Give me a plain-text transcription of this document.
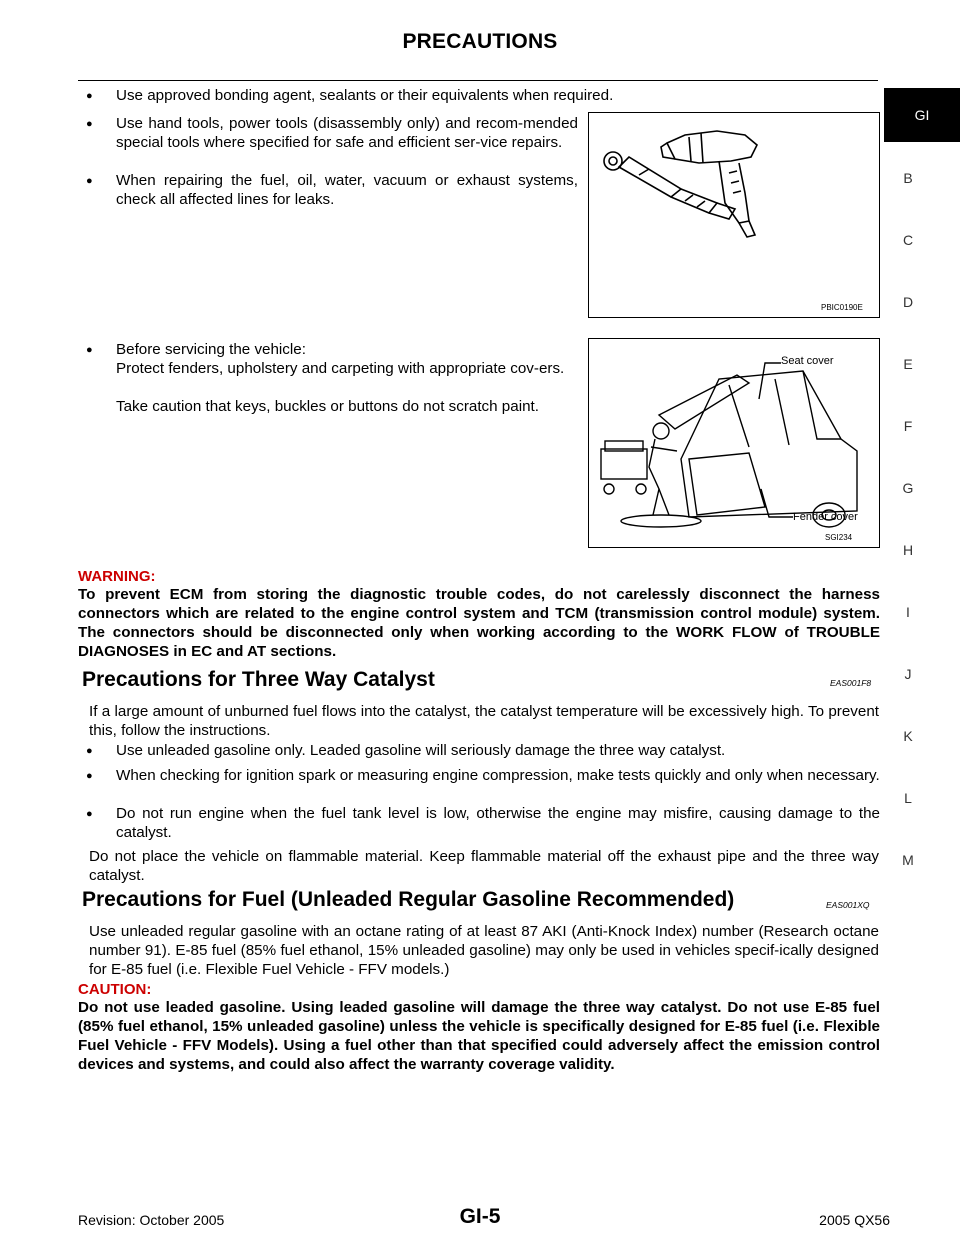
PRECAUTIONS
GI
B
C
D
E
F
G
H
I
J
K
L
M
● Use approved bonding agent, sealants or their equivalents when required.
● Use hand tools, power tools (disassembly only) and recom-mended special tools where specified for safe and efficient ser-vice repairs.
● When repairing the fuel, oil, water, vacuum or exhaust systems, check all affected lines for leaks.
PBIC0190E
● Before servicing the vehicle:
Protect fenders, upholstery and carpeting with appropriate cov-ers.
Take caution that keys, buckles or buttons do not scratch paint.
Seat cover
Fender cover
SGI234
WARNING:
To prevent ECM from storing the diagnostic trouble codes, do not carelessly disconnect the harness connectors which are related to the engine control system and TCM (transmission control module) system. The connectors should be disconnected only when working according to the WORK FLOW of TROUBLE DIAGNOSES in EC and AT sections.
Precautions for Three Way Catalyst	EAS001F8
If a large amount of unburned fuel flows into the catalyst, the catalyst temperature will be excessively high. To prevent this, follow the instructions.
● Use unleaded gasoline only. Leaded gasoline will seriously damage the three way catalyst.
● When checking for ignition spark or measuring engine compression, make tests quickly and only when necessary.
● Do not run engine when the fuel tank level is low, otherwise the engine may misfire, causing damage to the catalyst.
Do not place the vehicle on flammable material. Keep flammable material off the exhaust pipe and the three way catalyst.
Precautions for Fuel (Unleaded Regular Gasoline Recommended)	EAS001XQ
Use unleaded regular gasoline with an octane rating of at least 87 AKI (Anti-Knock Index) number (Research octane number 91). E-85 fuel (85% fuel ethanol, 15% unleaded gasoline) may only be used in vehicles specif-ically designed for E-85 fuel (i.e. Flexible Fuel Vehicle - FFV models.)
CAUTION:
Do not use leaded gasoline. Using leaded gasoline will damage the three way catalyst. Do not use E-85 fuel (85% fuel ethanol, 15% unleaded gasoline) unless the vehicle is specifically designed for E-85 fuel (i.e. Flexible Fuel Vehicle - FFV Models). Using a fuel other than that specified could adversely affect the emission control devices and systems, and could also affect the warranty coverage validity.
Revision: October 2005	GI-5	2005 QX56
